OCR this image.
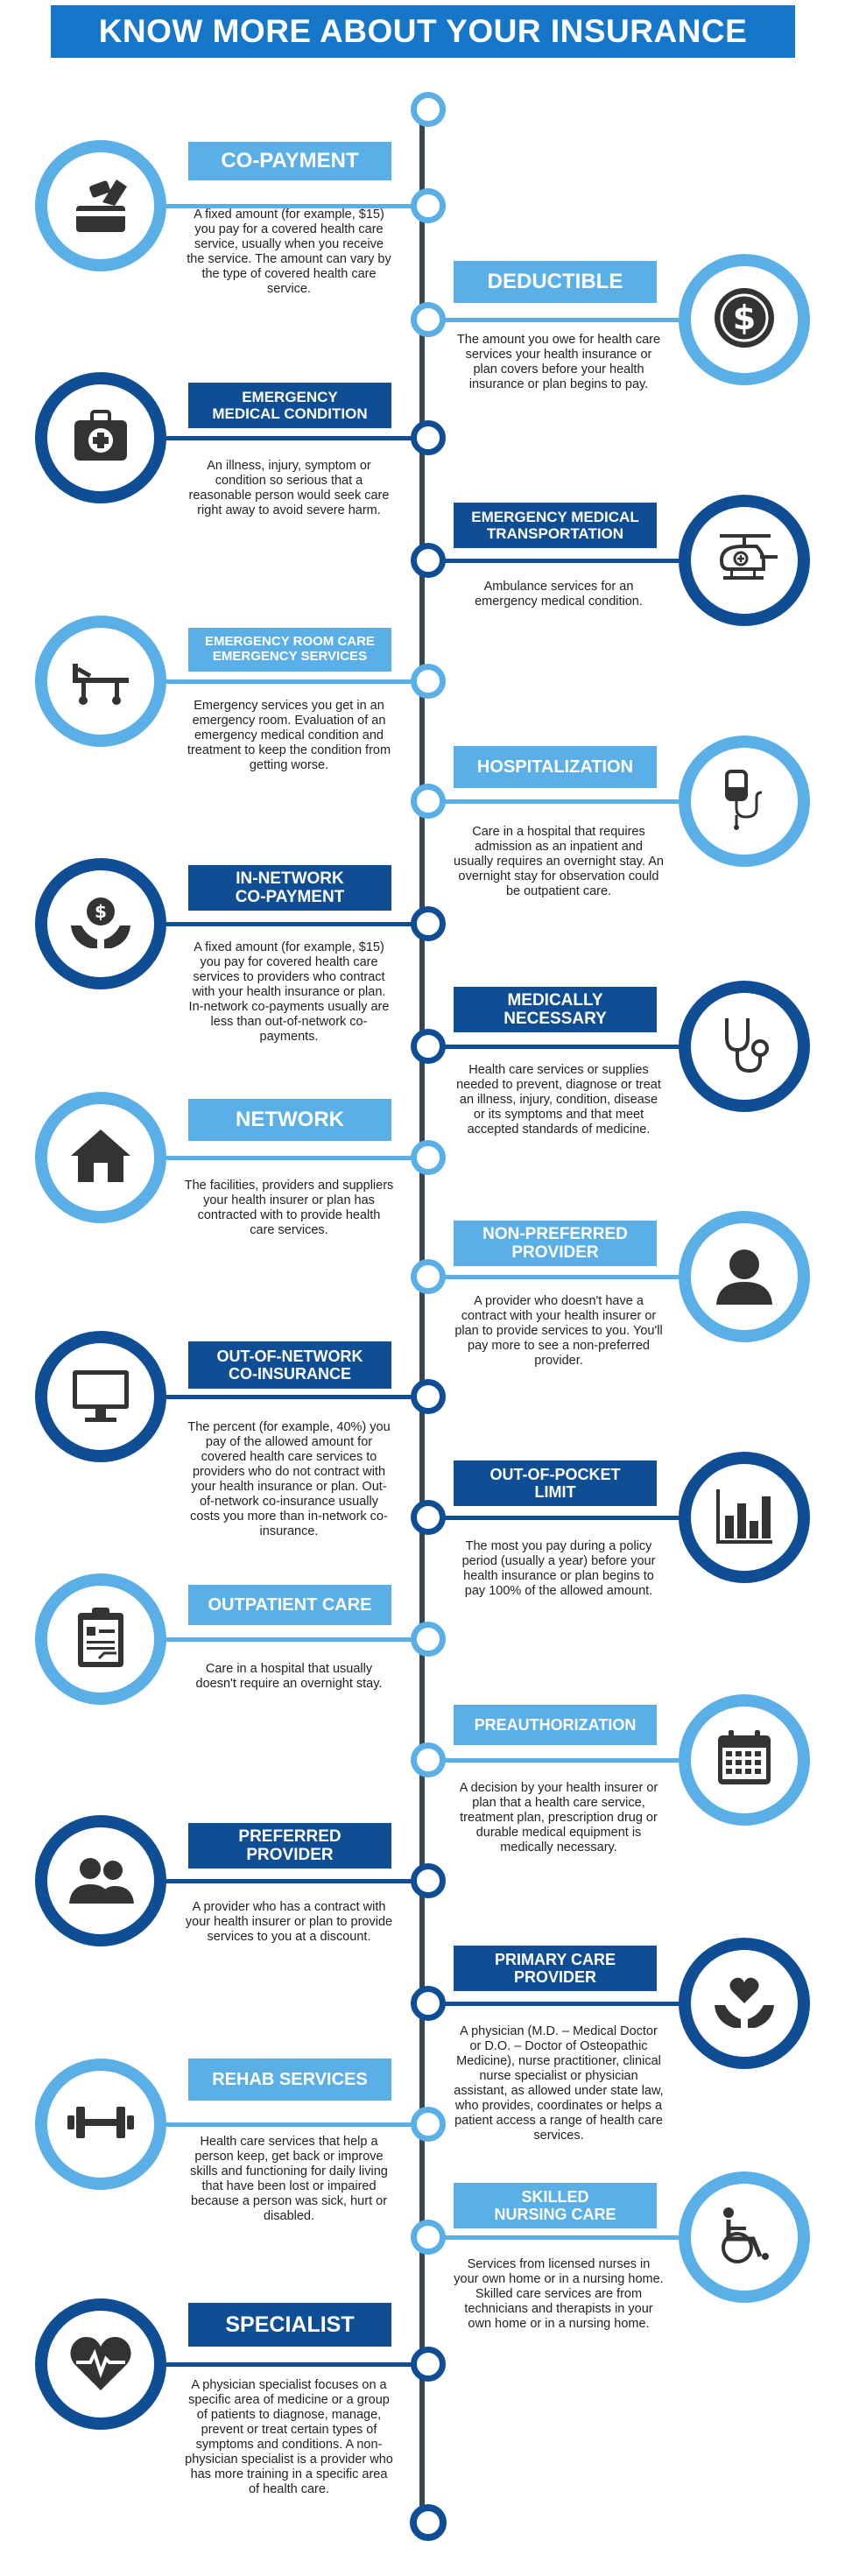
KNOW MORE ABOUT YOUR INSURANCE
CO-PAYMENT
A fixed amount (for example, $15) you pay for a covered health care service, usually when you receive the service. The amount can vary by the type of covered health care service.
$
DEDUCTIBLE
The amount you owe for health care services your health insurance or plan covers before your health insurance or plan begins to pay.
EMERGENCY
MEDICAL CONDITION
An illness, injury, symptom or condition so serious that a reasonable person would seek care right away to avoid severe harm.	EMERGENCY MEDICAL
TRANSPORTATION
Ambulance services for an emergency medical condition.
EMERGENCY ROOM CARE
EMERGENCY SERVICES
Emergency services you get in an emergency room. Evaluation of an emergency medical condition and treatment to keep the condition from getting worse.	HOSPITALIZATION
Care in a hospital that requires admission as an inpatient and usually requires an overnight stay. An overnight stay for observation could be outpatient care.
$
IN-NETWORK
CO-PAYMENT
A fixed amount (for example, $15) you pay for covered health care services to providers who contract with your health insurance or plan. In-network co-payments usually are less than out-of-network co-payments.
MEDICALLY
NECESSARY
Health care services or supplies needed to prevent, diagnose or treat an illness, injury, condition, disease or its symptoms and that meet accepted standards of medicine.
NETWORK
The facilities, providers and suppliers your health insurer or plan has contracted with to provide health care services.	NON-PREFERRED
PROVIDER
A provider who doesn't have a contract with your health insurer or plan to provide services to you. You'll pay more to see a non-preferred provider.
OUT-OF-NETWORK
CO-INSURANCE
The percent (for example, 40%) you pay of the allowed amount for covered health care services to providers who do not contract with your health insurance or plan. Out-of-network co-insurance usually costs you more than in-network co-insurance.
OUT-OF-POCKET
LIMIT
The most you pay during a policy period (usually a year) before your health insurance or plan begins to pay 100% of the allowed amount.
OUTPATIENT CARE
Care in a hospital that usually doesn't require an overnight stay.
PREAUTHORIZATION
A decision by your health insurer or plan that a health care service, treatment plan, prescription drug or durable medical equipment is medically necessary.
PREFERRED
PROVIDER
A provider who has a contract with your health insurer or plan to provide services to you at a discount.
PRIMARY CARE
PROVIDER
A physician (M.D. – Medical Doctor or D.O. – Doctor of Osteopathic Medicine), nurse practitioner, clinical nurse specialist or physician assistant, as allowed under state law, who provides, coordinates or helps a patient access a range of health care services.
REHAB SERVICES
Health care services that help a person keep, get back or improve skills and functioning for daily living that have been lost or impaired because a person was sick, hurt or disabled.
SKILLED
NURSING CARE
Services from licensed nurses in your own home or in a nursing home. Skilled care services are from technicians and therapists in your own home or in a nursing home.
SPECIALIST
A physician specialist focuses on a specific area of medicine or a group of patients to diagnose, manage, prevent or treat certain types of symptoms and conditions. A non-physician specialist is a provider who has more training in a specific area of health care.
